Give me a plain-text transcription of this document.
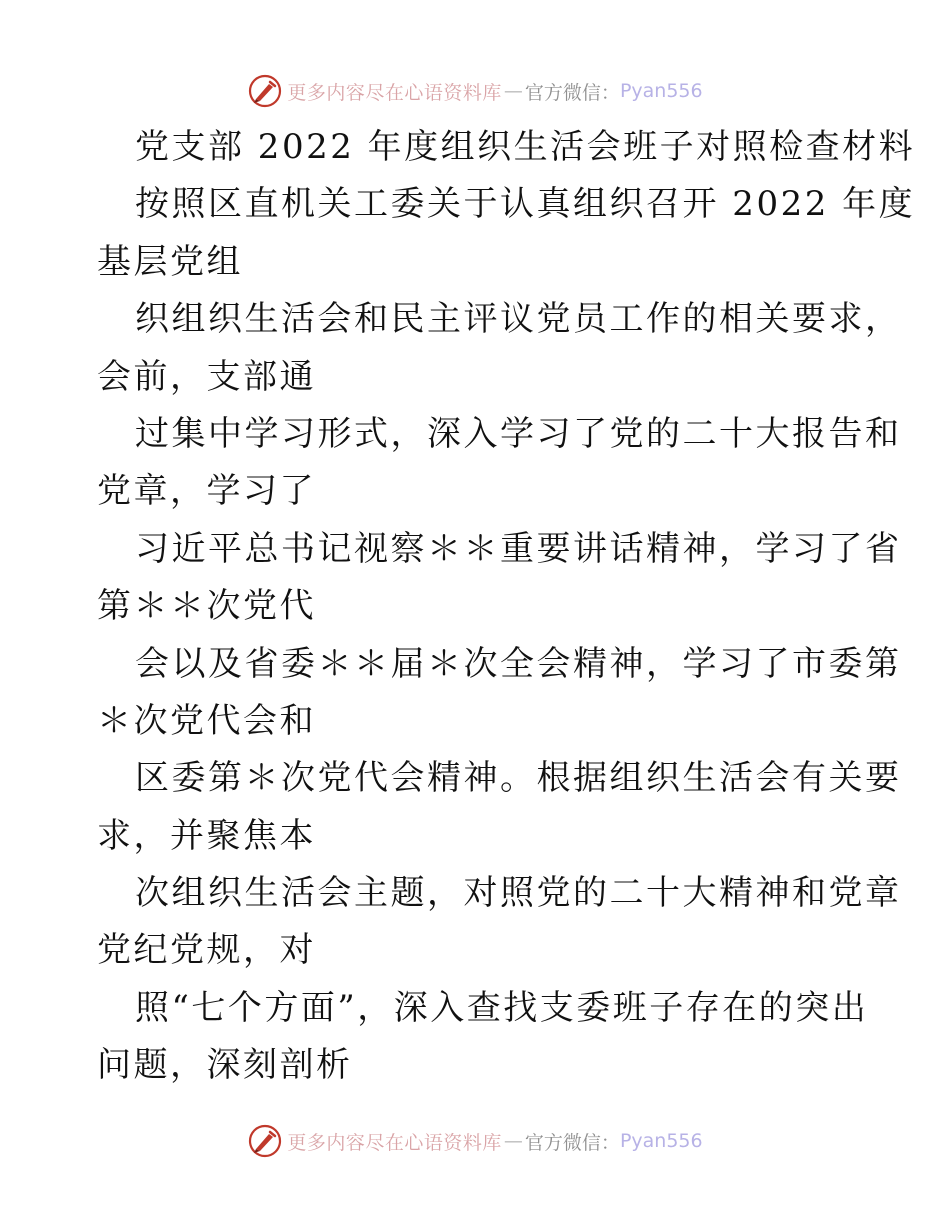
更多内容尽在心语资料库 — 官方微信： Pyan556
党支部 2022 年度组织生活会班子对照检查材料
按照区直机关工委关于认真组织召开 2022 年度
基层党组
织组织生活会和民主评议党员工作的相关要求，
会前，支部通
过集中学习形式，深入学习了党的二十大报告和
党章，学习了
习近平总书记视察＊＊重要讲话精神，学习了省
第＊＊次党代
会以及省委＊＊届＊次全会精神，学习了市委第
＊次党代会和
区委第＊次党代会精神。根据组织生活会有关要
求，并聚焦本
次组织生活会主题，对照党的二十大精神和党章
党纪党规，对
照“七个方面”，深入查找支委班子存在的突出
问题，深刻剖析
更多内容尽在心语资料库 — 官方微信： Pyan556
